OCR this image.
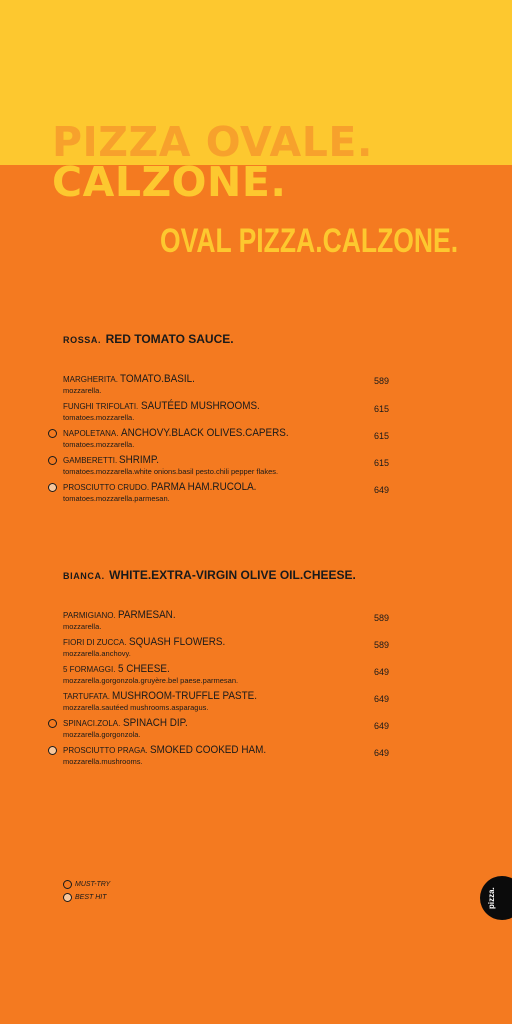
PIZZA OVALE.
CALZONE.
OVAL PIZZA.CALZONE.
ROSSA. RED TOMATO SAUCE.
MARGHERITA. TOMATO.BASIL.
mozzarella.
589
FUNGHI TRIFOLATI. SAUTÉED MUSHROOMS.
tomatoes.mozzarella.
615
NAPOLETANA. ANCHOVY.BLACK OLIVES.CAPERS.
tomatoes.mozzarella.
615
GAMBERETTI. SHRIMP.
tomatoes.mozzarella.white onions.basil pesto.chili pepper flakes.
615
PROSCIUTTO CRUDO. PARMA HAM.RUCOLA.
tomatoes.mozzarella.parmesan.
649
BIANCA. WHITE.EXTRA-VIRGIN OLIVE OIL.CHEESE.
PARMIGIANO. PARMESAN.
mozzarella.
589
FIORI DI ZUCCA. SQUASH FLOWERS.
mozzarella.anchovy.
589
5 FORMAGGI. 5 CHEESE.
mozzarella.gorgonzola.gruyère.bel paese.parmesan.
649
TARTUFATA. MUSHROOM-TRUFFLE PASTE.
mozzarella.sautéed mushrooms.asparagus.
649
SPINACI.ZOLA. SPINACH DIP.
mozzarella.gorgonzola.
649
PROSCIUTTO PRAGA. SMOKED COOKED HAM.
mozzarella.mushrooms.
649
MUST-TRY
BEST HIT	pizza.
